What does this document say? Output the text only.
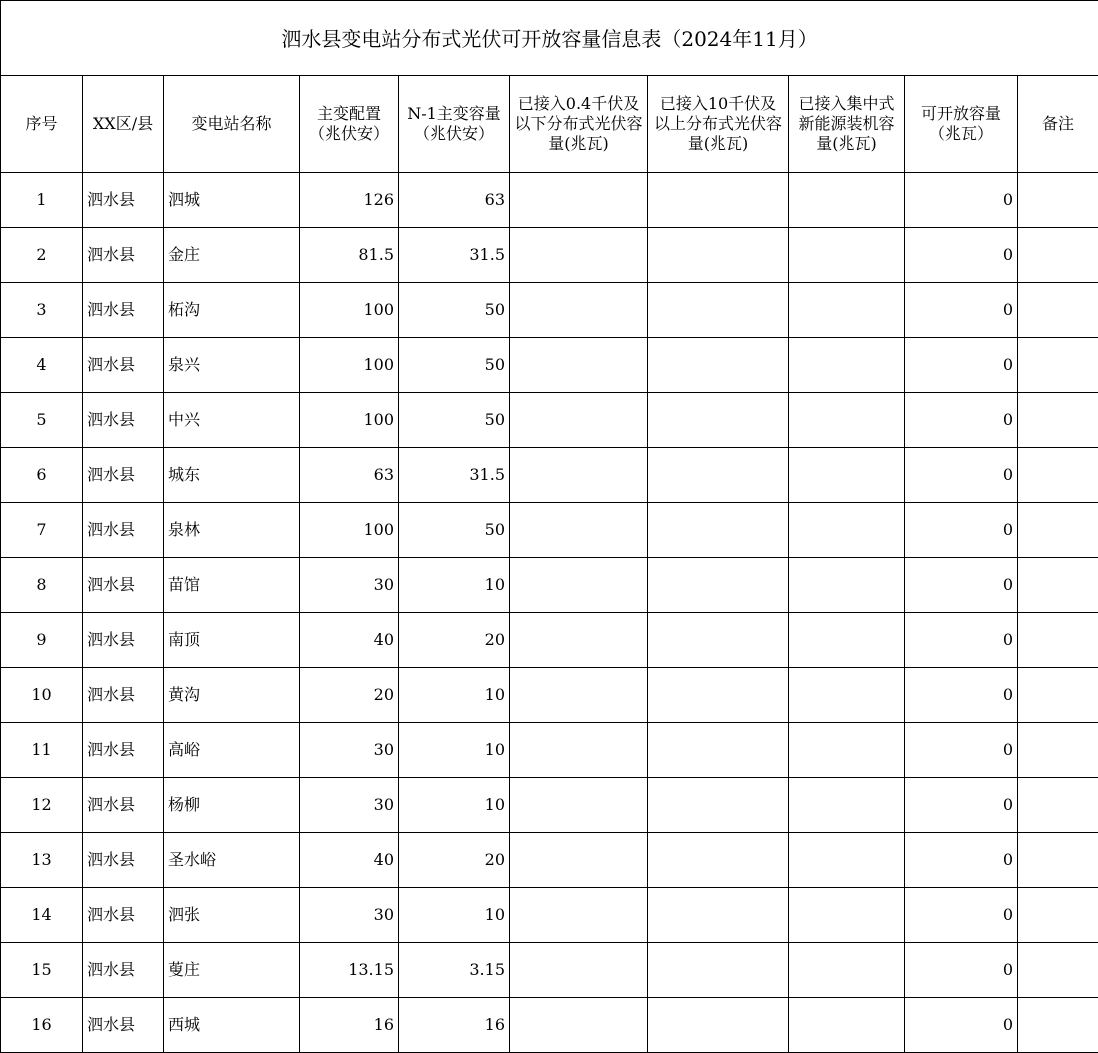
泗水县变电站分布式光伏可开放容量信息表（2024年11月）									
序号	XX区/县	变电站名称	主变配置（兆伏安）	N-1主变容量（兆伏安）	已接入0.4千伏及以下分布式光伏容量(兆瓦)	已接入10千伏及以上分布式光伏容量(兆瓦)	已接入集中式新能源装机容量(兆瓦)	可开放容量（兆瓦）	备注
1	泗水县	泗城	126	63				0	
2	泗水县	金庄	81.5	31.5				0	
3	泗水县	柘沟	100	50				0	
4	泗水县	泉兴	100	50				0	
5	泗水县	中兴	100	50				0	
6	泗水县	城东	63	31.5				0	
7	泗水县	泉林	100	50				0	
8	泗水县	苗馆	30	10				0	
9	泗水县	南顶	40	20				0	
10	泗水县	黄沟	20	10				0	
11	泗水县	高峪	30	10				0	
12	泗水县	杨柳	30	10				0	
13	泗水县	圣水峪	40	20				0	
14	泗水县	泗张	30	10				0	
15	泗水县	蓃庄	13.15	3.15				0	
16	泗水县	西城	16	16				0	
